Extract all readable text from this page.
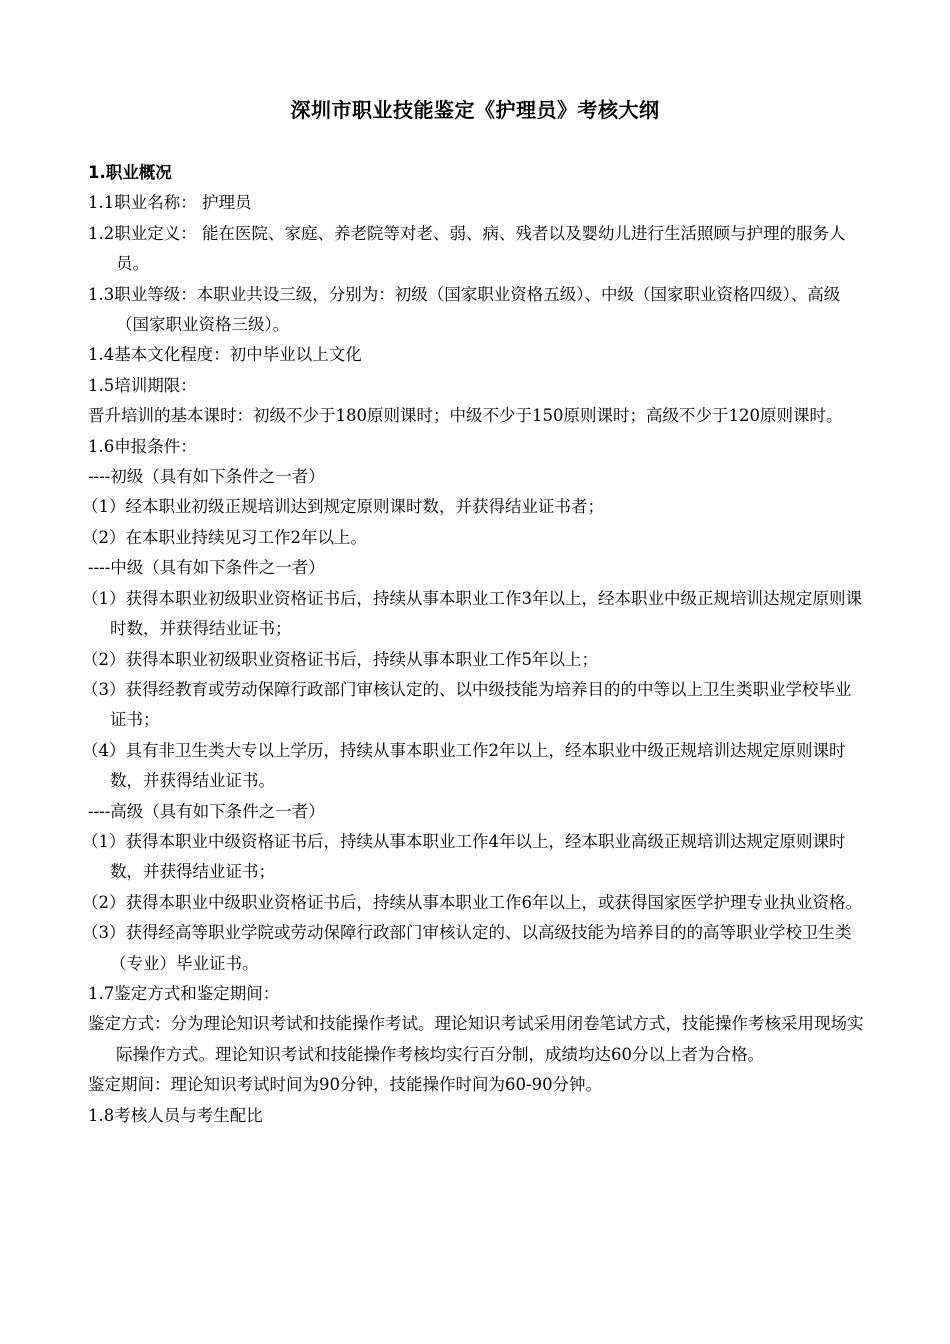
深圳市职业技能鉴定《护理员》考核大纲
1.职业概况
1.1职业名称： 护理员
1.2职业定义： 能在医院、家庭、养老院等对老、弱、病、残者以及婴幼儿进行生活照顾与护理的服务人员。
1.3职业等级：本职业共设三级，分别为：初级（国家职业资格五级）、中级（国家职业资格四级）、高级（国家职业资格三级）。
1.4基本文化程度：初中毕业以上文化
1.5培训期限：
晋升培训的基本课时：初级不少于180原则课时；中级不少于150原则课时；高级不少于120原则课时。
1.6申报条件：
----初级（具有如下条件之一者）
（1）经本职业初级正规培训达到规定原则课时数，并获得结业证书者；
（2）在本职业持续见习工作2年以上。
----中级（具有如下条件之一者）
（1）获得本职业初级职业资格证书后，持续从事本职业工作3年以上，经本职业中级正规培训达规定原则课时数，并获得结业证书；
（2）获得本职业初级职业资格证书后，持续从事本职业工作5年以上；
（3）获得经教育或劳动保障行政部门审核认定的、以中级技能为培养目的的中等以上卫生类职业学校毕业证书；
（4）具有非卫生类大专以上学历，持续从事本职业工作2年以上，经本职业中级正规培训达规定原则课时数，并获得结业证书。
----高级（具有如下条件之一者）
（1）获得本职业中级资格证书后，持续从事本职业工作4年以上，经本职业高级正规培训达规定原则课时数，并获得结业证书；
（2）获得本职业中级职业资格证书后，持续从事本职业工作6年以上，或获得国家医学护理专业执业资格。
（3）获得经高等职业学院或劳动保障行政部门审核认定的、以高级技能为培养目的的高等职业学校卫生类（专业）毕业证书。
1.7鉴定方式和鉴定期间：
鉴定方式：分为理论知识考试和技能操作考试。理论知识考试采用闭卷笔试方式，技能操作考核采用现场实际操作方式。理论知识考试和技能操作考核均实行百分制，成绩均达60分以上者为合格。
鉴定期间：理论知识考试时间为90分钟，技能操作时间为60-90分钟。
1.8考核人员与考生配比
